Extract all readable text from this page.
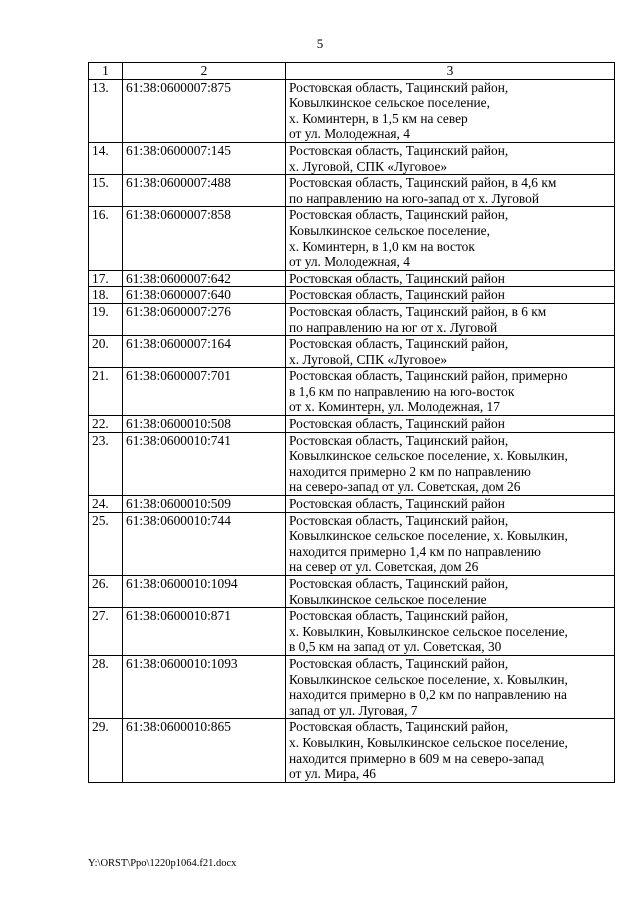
5
1	2	3
13.	61:38:0600007:875	Ростовская область, Тацинский район,
Ковылкинское сельское поселение,
х. Коминтерн, в 1,5 км на север
от ул. Молодежная, 4

14.	61:38:0600007:145	Ростовская область, Тацинский район,
х. Луговой, СПК «Луговое»

15.	61:38:0600007:488	Ростовская область, Тацинский район, в 4,6 км
по направлению на юго-запад от х. Луговой

16.	61:38:0600007:858	Ростовская область, Тацинский район,
Ковылкинское сельское поселение,
х. Коминтерн, в 1,0 км на восток
от ул. Молодежная, 4

17.	61:38:0600007:642	Ростовская область, Тацинский район

18.	61:38:0600007:640	Ростовская область, Тацинский район

19.	61:38:0600007:276	Ростовская область, Тацинский район, в 6 км
по направлению на юг от х. Луговой

20.	61:38:0600007:164	Ростовская область, Тацинский район,
х. Луговой, СПК «Луговое»

21.	61:38:0600007:701	Ростовская область, Тацинский район, примерно
в 1,6 км по направлению на юго-восток
от х. Коминтерн, ул. Молодежная, 17

22.	61:38:0600010:508	Ростовская область, Тацинский район

23.	61:38:0600010:741	Ростовская область, Тацинский район,
Ковылкинское сельское поселение, х. Ковылкин,
находится примерно 2 км по направлению
на северо-запад от ул. Советская, дом 26

24.	61:38:0600010:509	Ростовская область, Тацинский район

25.	61:38:0600010:744	Ростовская область, Тацинский район,
Ковылкинское сельское поселение, х. Ковылкин,
находится примерно 1,4 км по направлению
на север от ул. Советская, дом 26

26.	61:38:0600010:1094	Ростовская область, Тацинский район,
Ковылкинское сельское поселение

27.	61:38:0600010:871	Ростовская область, Тацинский район,
х. Ковылкин, Ковылкинское сельское поселение,
в 0,5 км на запад от ул. Советская, 30

28.	61:38:0600010:1093	Ростовская область, Тацинский район,
Ковылкинское сельское поселение, х. Ковылкин,
находится примерно в 0,2 км по направлению на
запад от ул. Луговая, 7

29.	61:38:0600010:865	Ростовская область, Тацинский район,
х. Ковылкин, Ковылкинское сельское поселение,
находится примерно в 609 м на северо-запад
от ул. Мира, 46
Y:\ORST\Ppo\1220p1064.f21.docx
